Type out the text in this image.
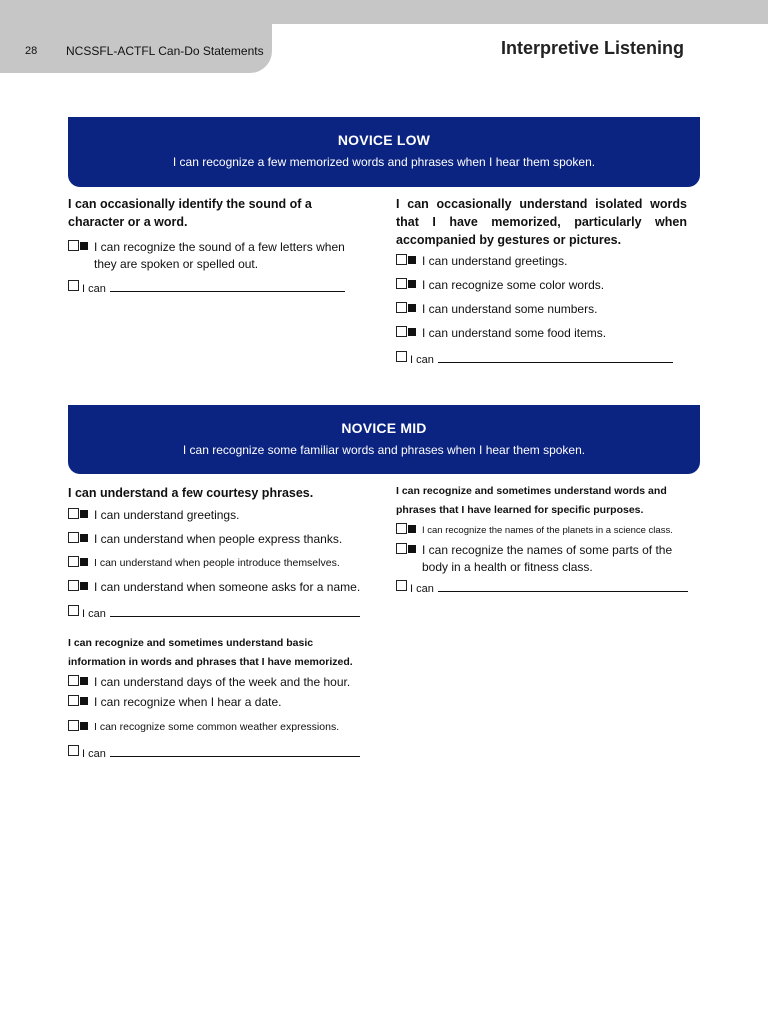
28 NCSSFL-ACTFL Can-Do Statements	Interpretive Listening
NOVICE LOW
I can recognize a few memorized words and phrases when I hear them spoken.
I can occasionally identify the sound of a
character or a word.
I can recognize the sound of a few letters when they are spoken or spelled out.
I can
I can occasionally understand isolated words that I have memorized, particularly when accompanied by gestures or pictures.
I can understand greetings.
I can recognize some color words.
I can understand some numbers.
I can understand some food items.
I can
NOVICE MID
I can recognize some familiar words and phrases when I hear them spoken.
I can understand a few courtesy phrases.
I can understand greetings.
I can understand when people express thanks.
I can understand when people introduce themselves.
I can understand when someone asks for a name.
I can
I can recognize and sometimes understand basic information in words and phrases that I have memorized.
I can understand days of the week and the hour.
I can recognize when I hear a date.
I can recognize some common weather expressions.
I can
I can recognize and sometimes understand words and phrases that I have learned for specific purposes.
I can recognize the names of the planets in a science class.
I can recognize the names of some parts of the body in a health or fitness class.
I can
